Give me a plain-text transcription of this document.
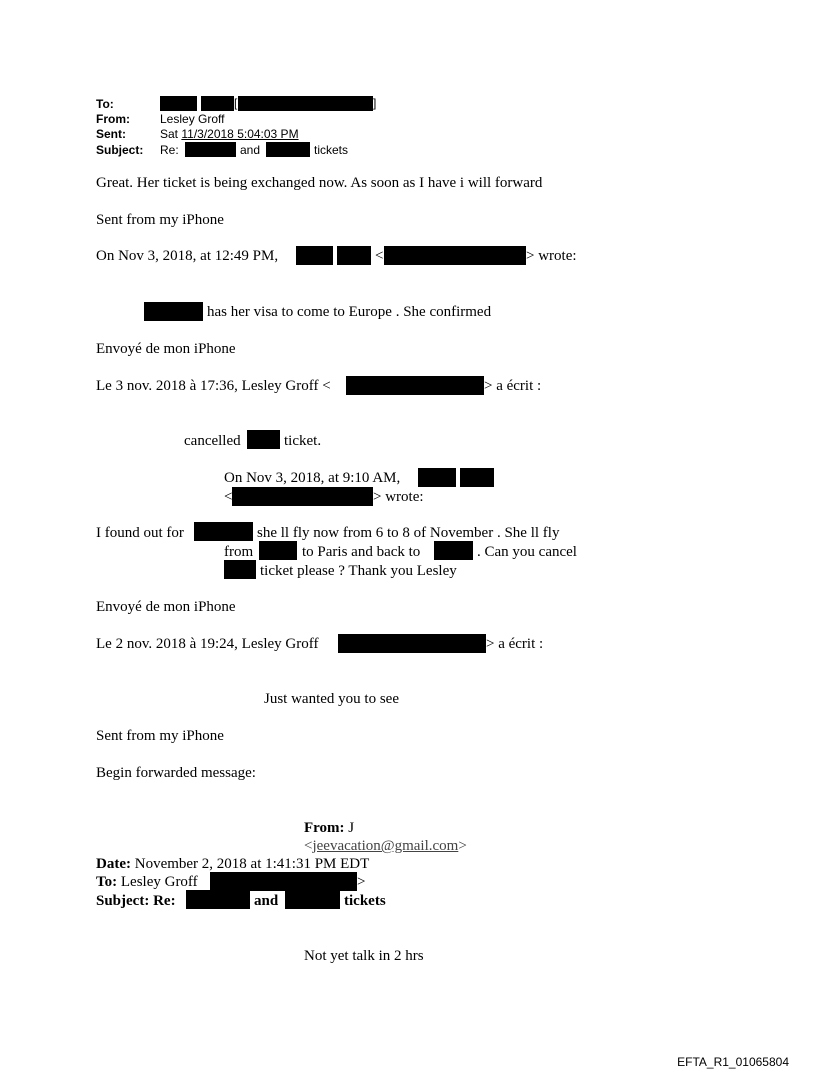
To:	[	]
From:	Lesley Groff
Sent:	Sat 11/3/2018 5:04:03 PM
Subject: Re:	and	tickets
Great. Her ticket is being exchanged now. As soon as I have i will forward
Sent from my iPhone
On Nov 3, 2018, at 12:49 PM,	<	> wrote:
has her visa to come to Europe . She confirmed
Envoyé de mon iPhone
Le 3 nov. 2018 à 17:36, Lesley Groff <	> a écrit :
cancelled	ticket.
On Nov 3, 2018, at 9:10 AM,
<	> wrote:
I found out for	she ll fly now from 6 to 8 of November . She ll fly
from	to Paris and back to	. Can you cancel
ticket please ? Thank you Lesley
Envoyé de mon iPhone
Le 2 nov. 2018 à 19:24, Lesley Groff	> a écrit :
Just wanted you to see
Sent from my iPhone
Begin forwarded message:
From: J
<jeevacation@gmail.com>
Date: November 2, 2018 at 1:41:31 PM EDT
To: Lesley Groff	>
Subject: Re:	and	tickets
Not yet talk in 2 hrs
EFTA_R1_01065804
